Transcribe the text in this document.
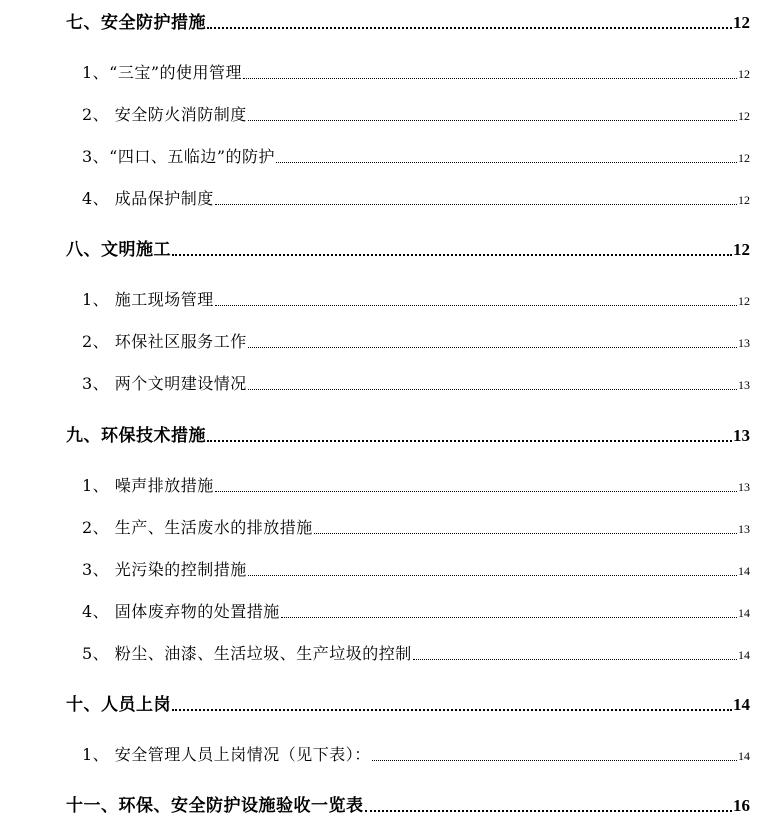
七、安全防护措施	12
1、“三宝”的使用管理	12
2、 安全防火消防制度	12
3、“四口、五临边”的防护	12
4、 成品保护制度	12
八、文明施工	12
1、 施工现场管理	12
2、 环保社区服务工作	13
3、 两个文明建设情况	13
九、环保技术措施	13
1、 噪声排放措施	13
2、 生产、生活废水的排放措施	13
3、 光污染的控制措施	14
4、 固体废弃物的处置措施	14
5、 粉尘、油漆、生活垃圾、生产垃圾的控制	14
十、人员上岗	14
1、 安全管理人员上岗情况（见下表）：	14
十一、环保、安全防护设施验收一览表	16
